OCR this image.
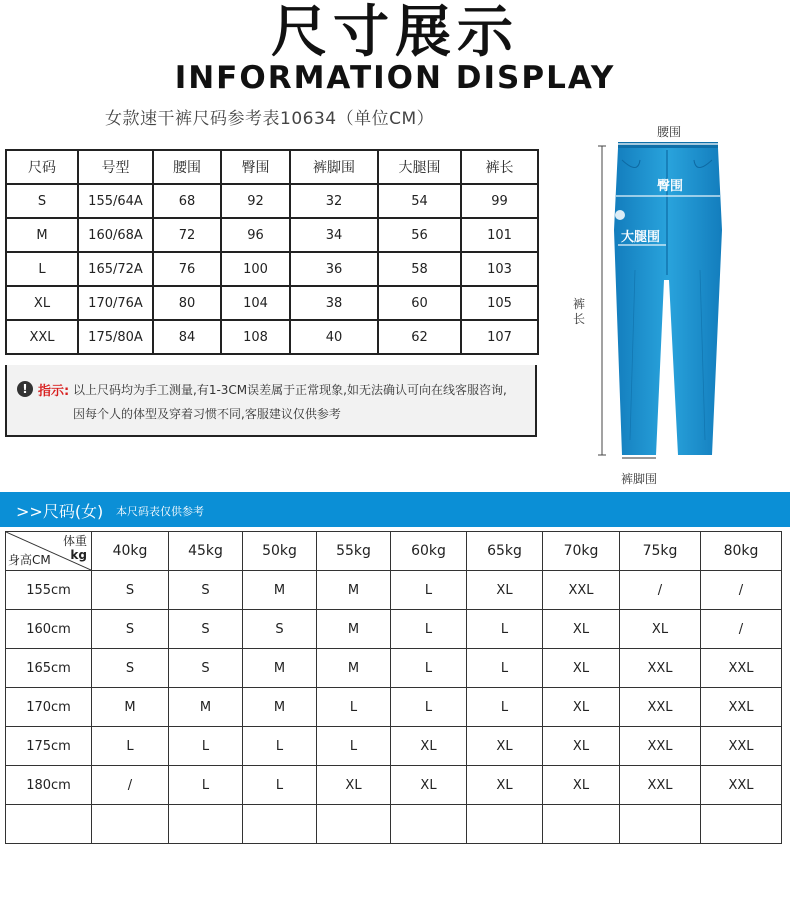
尺寸展示
INFORMATION DISPLAY
女款速干裤尺码参考表10634（单位CM）
尺码	号型	腰围	臀围	裤脚围	大腿围	裤长
S	155/64A	68	92	32	54	99
M	160/68A	72	96	34	56	101
L	165/72A	76	100	36	58	103
XL	170/76A	80	104	38	60	105
XXL	175/80A	84	108	40	62	107
! 指示: 以上尺码均为手工测量,有1-3CM误差属于正常现象,如无法确认可向在线客服咨询,
因每个人的体型及穿着习惯不同,客服建议仅供参考
腰围
臀围
大腿围
裤长
裤脚围
>>尺码(女) 本尺码表仅供参考
体重
kg
身高CM	40kg	45kg	50kg	55kg	60kg	65kg	70kg	75kg	80kg
155cm	S	S	M	M	L	XL	XXL	/	/
160cm	S	S	S	M	L	L	XL	XL	/
165cm	S	S	M	M	L	L	XL	XXL	XXL
170cm	M	M	M	L	L	L	XL	XXL	XXL
175cm	L	L	L	L	XL	XL	XL	XXL	XXL
180cm	/	L	L	XL	XL	XL	XL	XXL	XXL
